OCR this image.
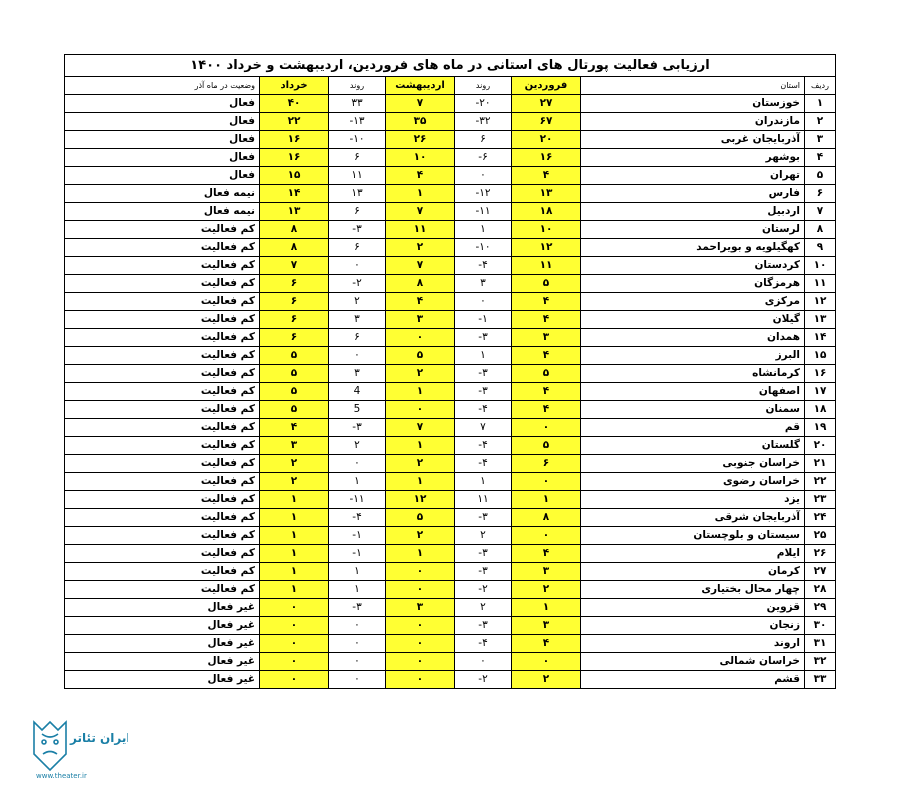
ارزیابی فعالیت پورتال های استانی در ماه های فروردین، اردیبهشت و خرداد ۱۴۰۰
ردیف	استان	فروردین	روند	اردیبهشت	روند	خرداد	وضعیت در ماه آذر
۱	خوزستان	۲۷	۲۰-	۷	۳۳	۴۰	فعال
۲	مازندران	۶۷	۳۲-	۳۵	۱۳-	۲۲	فعال
۳	آذربایجان غربی	۲۰	۶	۲۶	۱۰-	۱۶	فعال
۴	بوشهر	۱۶	۶-	۱۰	۶	۱۶	فعال
۵	تهران	۴	۰	۴	۱۱	۱۵	فعال
۶	فارس	۱۳	۱۲-	۱	۱۳	۱۴	نیمه فعال
۷	اردبیل	۱۸	۱۱-	۷	۶	۱۳	نیمه فعال
۸	لرستان	۱۰	۱	۱۱	۳-	۸	کم فعالیت
۹	کهگیلویه و بویراحمد	۱۲	۱۰-	۲	۶	۸	کم فعالیت
۱۰	کردستان	۱۱	۴-	۷	۰	۷	کم فعالیت
۱۱	هرمزگان	۵	۳	۸	۲-	۶	کم فعالیت
۱۲	مرکزی	۴	۰	۴	۲	۶	کم فعالیت
۱۳	گیلان	۴	۱-	۳	۳	۶	کم فعالیت
۱۴	همدان	۳	۳-	۰	۶	۶	کم فعالیت
۱۵	البرز	۴	۱	۵	۰	۵	کم فعالیت
۱۶	کرمانشاه	۵	۳-	۲	۳	۵	کم فعالیت
۱۷	اصفهان	۴	۳-	۱	4	۵	کم فعالیت
۱۸	سمنان	۴	۴-	۰	5	۵	کم فعالیت
۱۹	قم	۰	۷	۷	۳-	۴	کم فعالیت
۲۰	گلستان	۵	۴-	۱	۲	۳	کم فعالیت
۲۱	خراسان جنوبی	۶	۴-	۲	۰	۲	کم فعالیت
۲۲	خراسان رضوی	۰	۱	۱	۱	۲	کم فعالیت
۲۳	یزد	۱	۱۱	۱۲	۱۱-	۱	کم فعالیت
۲۴	آذربایجان شرقی	۸	۳-	۵	۴-	۱	کم فعالیت
۲۵	سیستان و بلوچستان	۰	۲	۲	۱-	۱	کم فعالیت
۲۶	ایلام	۴	۳-	۱	۱-	۱	کم فعالیت
۲۷	کرمان	۳	۳-	۰	۱	۱	کم فعالیت
۲۸	چهار محال بختیاری	۲	۲-	۰	۱	۱	کم فعالیت
۲۹	قزوین	۱	۲	۳	۳-	۰	غیر فعال
۳۰	زنجان	۳	۳-	۰	۰	۰	غیر فعال
۳۱	اروند	۴	۴-	۰	۰	۰	غیر فعال
۳۲	خراسان شمالی	۰	۰	۰	۰	۰	غیر فعال
۳۳	قشم	۲	۲-	۰	۰	۰	غیر فعال
ایران تئاتر
www.theater.ir
